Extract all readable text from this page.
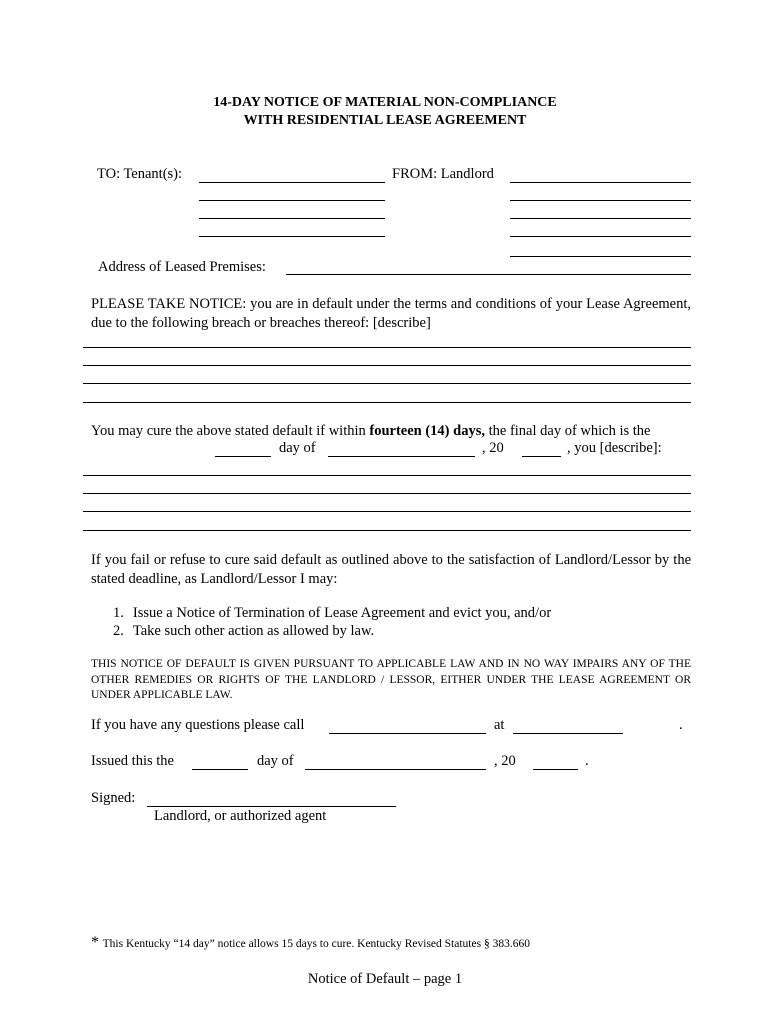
14-DAY NOTICE OF MATERIAL NON-COMPLIANCE
WITH RESIDENTIAL LEASE AGREEMENT
TO: Tenant(s):	FROM: Landlord
Address of Leased Premises:
PLEASE TAKE NOTICE: you are in default under the terms and conditions of your Lease Agreement, due to the following breach or breaches thereof: [describe]
You may cure the above stated default if within fourteen (14) days, the final day of which is the
day of	, 20	, you [describe]:
If you fail or refuse to cure said default as outlined above to the satisfaction of Landlord/Lessor by the stated deadline, as Landlord/Lessor I may:
1. Issue a Notice of Termination of Lease Agreement and evict you, and/or
2. Take such other action as allowed by law.
THIS NOTICE OF DEFAULT IS GIVEN PURSUANT TO APPLICABLE LAW AND IN NO WAY IMPAIRS ANY OF THE OTHER REMEDIES OR RIGHTS OF THE LANDLORD / LESSOR, EITHER UNDER THE LEASE AGREEMENT OR UNDER APPLICABLE LAW.
If you have any questions please call	at	.
Issued this the	day of	, 20	.
Signed:
Landlord, or authorized agent
* This Kentucky “14 day” notice allows 15 days to cure. Kentucky Revised Statutes § 383.660
Notice of Default – page 1
